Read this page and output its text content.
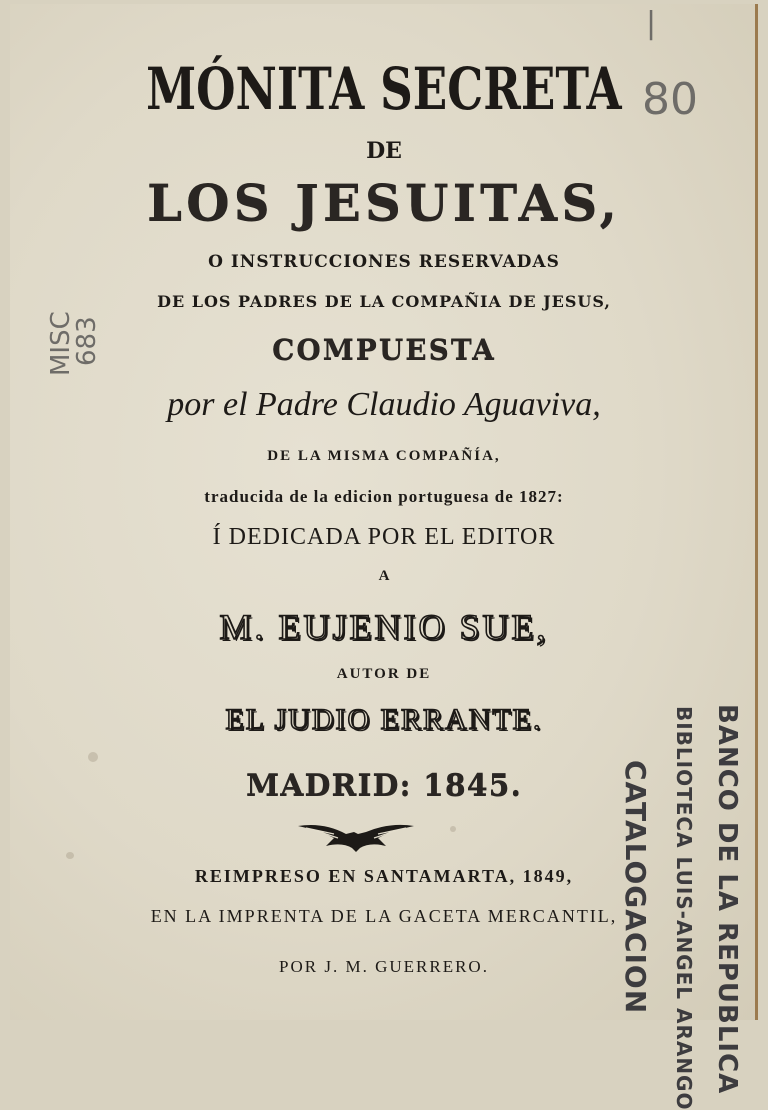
MÓNITA SECRETA

DE

LOS JESUITAS,

O INSTRUCCIONES RESERVADAS

DE LOS PADRES DE LA COMPAÑIA DE JESUS,

COMPUESTA

por el Padre Claudio Aguaviva,

DE LA MISMA COMPAÑÍA,

traducida de la edicion portuguesa de 1827:

Í DEDICADA POR EL EDITOR

A

M. EUJENIO SUE,

AUTOR DE

EL JUDIO ERRANTE.

MADRID: 1845.

REIMPRESO EN SANTAMARTA, 1849,

EN LA IMPRENTA DE LA GACETA MERCANTIL,

POR J. M. GUERRERO.

80
|
MISC
683
BANCO DE LA REPUBLICA
BIBLIOTECA LUIS-ANGEL ARANGO
CATALOGACION
